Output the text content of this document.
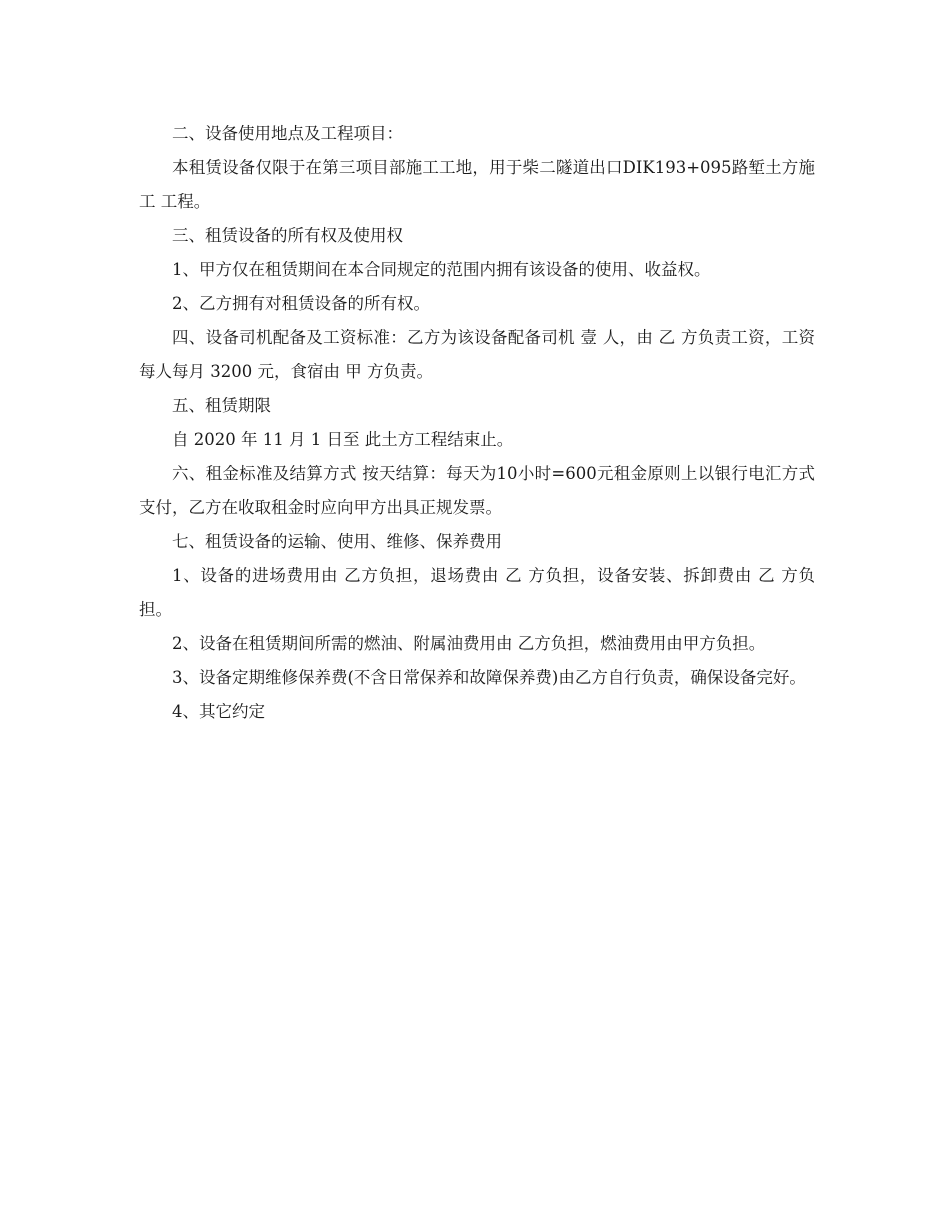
二、设备使用地点及工程项目：

本租赁设备仅限于在第三项目部施工工地，用于柴二隧道出口DIK193+095路堑土方施工 工程。

三、租赁设备的所有权及使用权

1、甲方仅在租赁期间在本合同规定的范围内拥有该设备的使用、收益权。

2、乙方拥有对租赁设备的所有权。

四、设备司机配备及工资标准：乙方为该设备配备司机 壹 人，由 乙 方负责工资，工资每人每月 3200 元，食宿由 甲 方负责。

五、租赁期限

自 2020 年 11 月 1 日至 此土方工程结束止。

六、租金标准及结算方式 按天结算：每天为10小时=600元租金原则上以银行电汇方式支付，乙方在收取租金时应向甲方出具正规发票。

七、租赁设备的运输、使用、维修、保养费用

1、设备的进场费用由 乙方负担，退场费由 乙 方负担，设备安装、拆卸费由 乙 方负担。

2、设备在租赁期间所需的燃油、附属油费用由 乙方负担，燃油费用由甲方负担。

3、设备定期维修保养费(不含日常保养和故障保养费)由乙方自行负责，确保设备完好。

4、其它约定
